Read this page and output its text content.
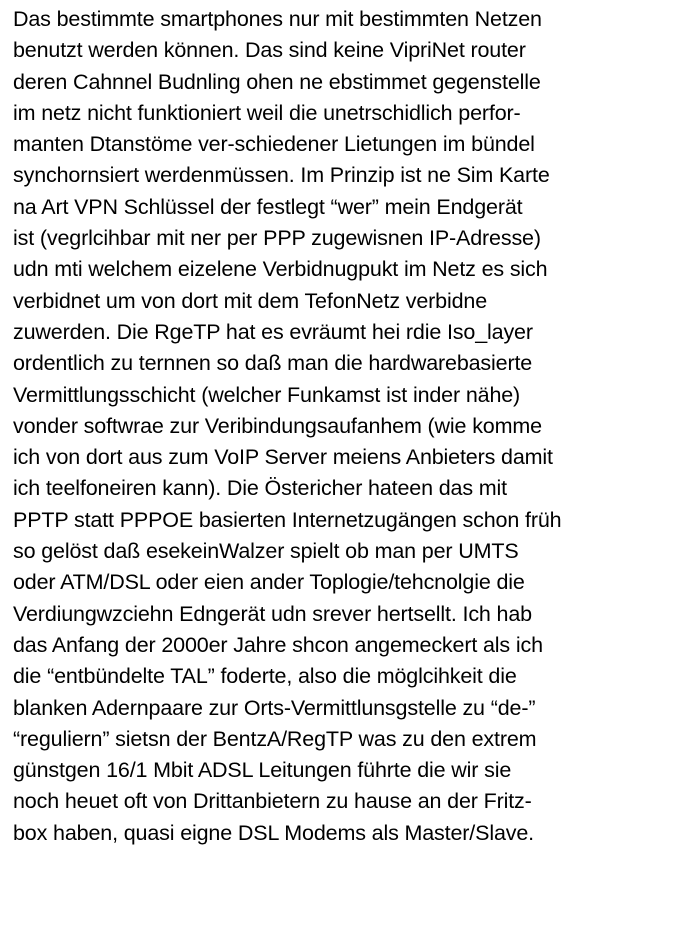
Das bestimmte smartphones nur mit bestimmten Netzen
benutzt werden können. Das sind keine VipriNet router
deren Cahnnel Budnling ohen ne ebstimmet gegenstelle
im netz nicht funktioniert weil die unetrschidlich perfor-
manten Dtanstöme ver-schiedener Lietungen im bündel
synchornsiert werdenmüssen. Im Prinzip ist ne Sim Karte
na Art VPN Schlüssel der festlegt “wer” mein Endgerät
ist (vegrlcihbar mit ner per PPP zugewisnen IP-Adresse)
udn mti welchem eizelene Verbidnugpukt im Netz es sich
verbidnet um von dort mit dem TefonNetz verbidne
zuwerden. Die RgeTP hat es evräumt hei rdie Iso_layer
ordentlich zu ternnen so daß man die hardwarebasierte
Vermittlungsschicht (welcher Funkamst ist inder nähe)
vonder softwrae zur Veribindungsaufanhem (wie komme
ich von dort aus zum VoIP Server meiens Anbieters damit
ich teelfoneiren kann). Die Östericher hateen das mit
PPTP statt PPPOE basierten Internetzugängen schon früh
so gelöst daß esekeinWalzer spielt ob man per UMTS
oder ATM/DSL oder eien ander Toplogie/tehcnolgie die
Verdiungwzciehn Edngerät udn srever hertsellt. Ich hab
das Anfang der 2000er Jahre shcon angemeckert als ich
die “entbündelte TAL” foderte, also die möglcihkeit die
blanken Adernpaare zur Orts-Vermittlunsgstelle zu “de-”
“reguliern” sietsn der BentzA/RegTP was zu den extrem
günstgen 16/1 Mbit ADSL Leitungen führte die wir sie
noch heuet oft von Drittanbietern zu hause an der Fritz-
box haben, quasi eigne DSL Modems als Master/Slave.
